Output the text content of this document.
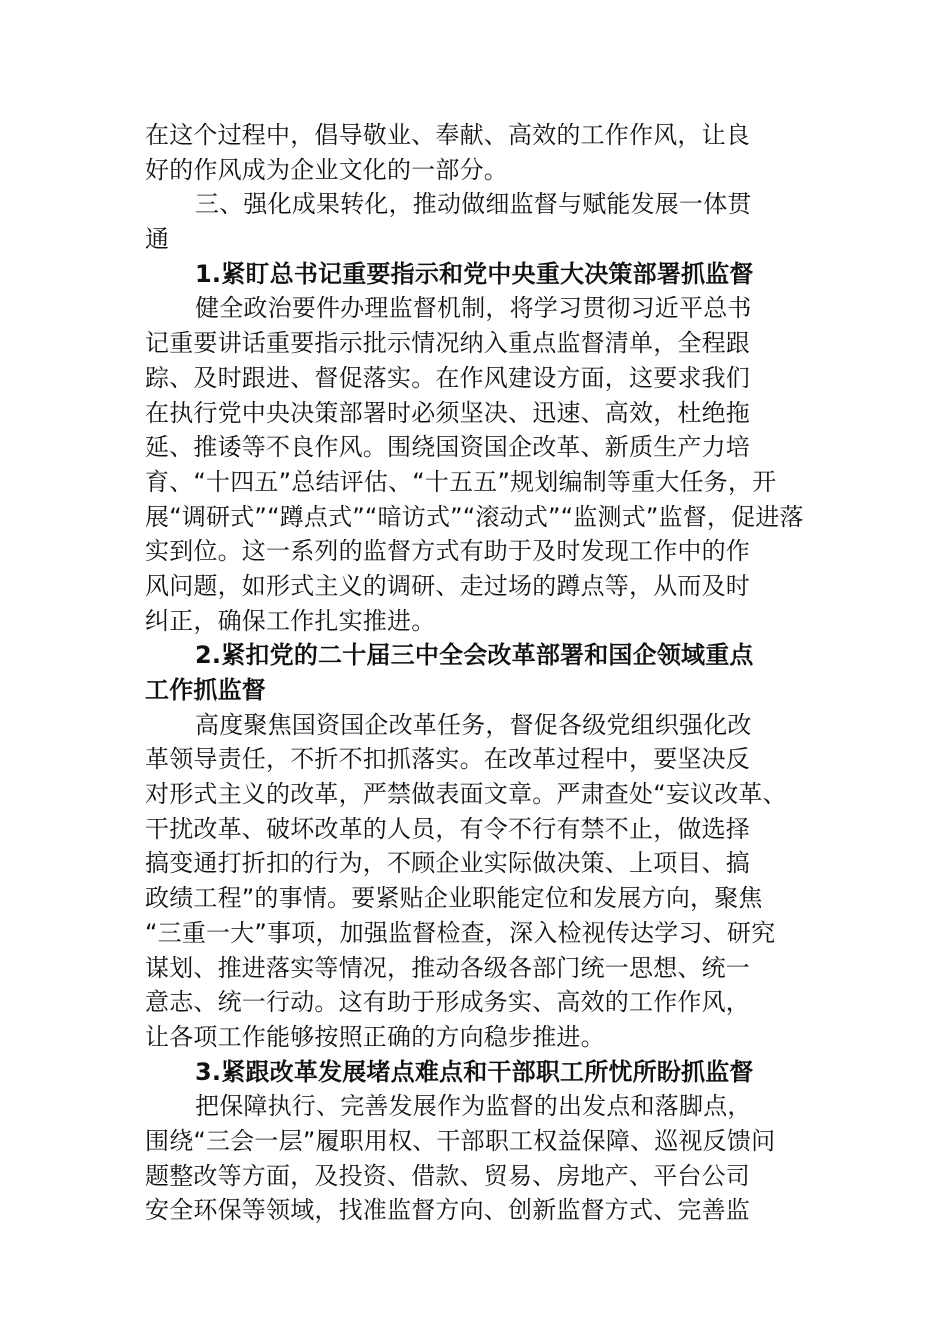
在这个过程中，倡导敬业、奉献、高效的工作作风，让良
好的作风成为企业文化的一部分。
三、强化成果转化，推动做细监督与赋能发展一体贯
通
1.紧盯总书记重要指示和党中央重大决策部署抓监督
健全政治要件办理监督机制，将学习贯彻习近平总书
记重要讲话重要指示批示情况纳入重点监督清单，全程跟
踪、及时跟进、督促落实。在作风建设方面，这要求我们
在执行党中央决策部署时必须坚决、迅速、高效，杜绝拖
延、推诿等不良作风。围绕国资国企改革、新质生产力培
育、“十四五”总结评估、“十五五”规划编制等重大任务，开
展“调研式”“蹲点式”“暗访式”“滚动式”“监测式”监督，促进落
实到位。这一系列的监督方式有助于及时发现工作中的作
风问题，如形式主义的调研、走过场的蹲点等，从而及时
纠正，确保工作扎实推进。
2.紧扣党的二十届三中全会改革部署和国企领域重点
工作抓监督
高度聚焦国资国企改革任务，督促各级党组织强化改
革领导责任，不折不扣抓落实。在改革过程中，要坚决反
对形式主义的改革，严禁做表面文章。严肃查处“妄议改革、
干扰改革、破坏改革的人员，有令不行有禁不止，做选择
搞变通打折扣的行为，不顾企业实际做决策、上项目、搞
政绩工程”的事情。要紧贴企业职能定位和发展方向，聚焦
“三重一大”事项，加强监督检查，深入检视传达学习、研究
谋划、推进落实等情况，推动各级各部门统一思想、统一
意志、统一行动。这有助于形成务实、高效的工作作风，
让各项工作能够按照正确的方向稳步推进。
3.紧跟改革发展堵点难点和干部职工所忧所盼抓监督
把保障执行、完善发展作为监督的出发点和落脚点，
围绕“三会一层”履职用权、干部职工权益保障、巡视反馈问
题整改等方面，及投资、借款、贸易、房地产、平台公司
安全环保等领域，找准监督方向、创新监督方式、完善监
